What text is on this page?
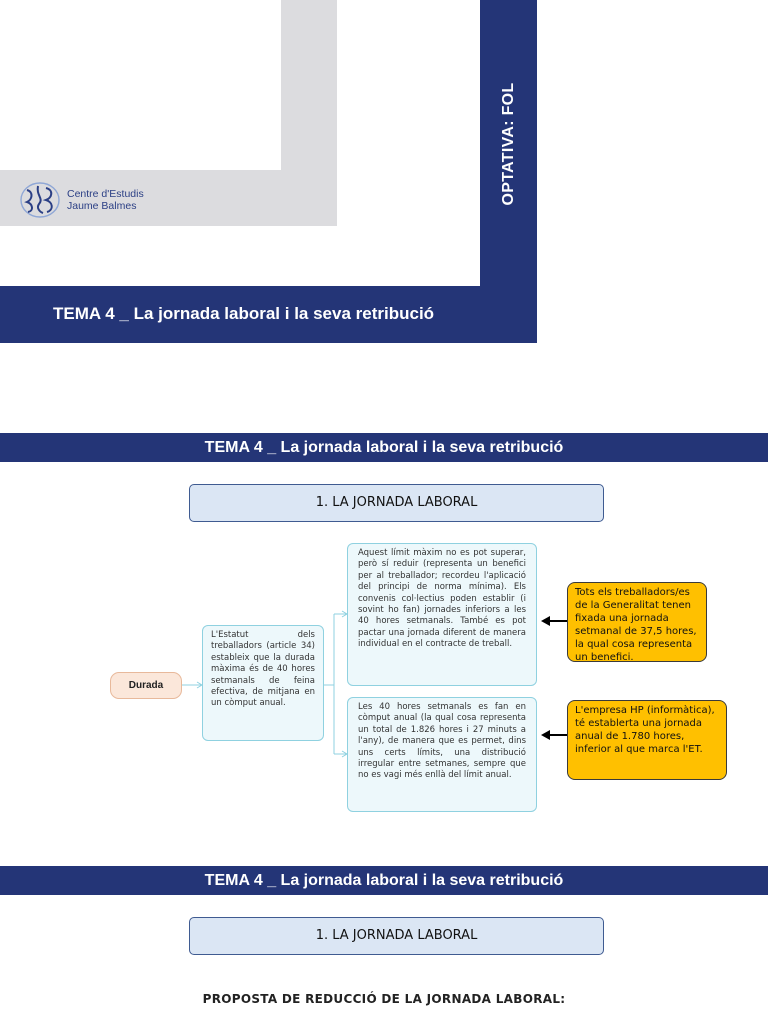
Centre d'Estudis
Jaume Balmes
OPTATIVA: FOL
TEMA 4 _ La jornada laboral i la seva retribució
TEMA 4 _ La jornada laboral i la seva retribució
1. LA JORNADA LABORAL
Durada
L'Estatut dels treballadors (article 34) estableix que la durada màxima és de 40 hores setmanals de feina efectiva, de mitjana en un còmput anual.
Aquest límit màxim no es pot superar, però sí reduir (representa un benefici per al treballador; recordeu l'aplicació del principi de norma mínima). Els convenis col·lectius poden establir (i sovint ho fan) jornades inferiors a les 40 hores setmanals. També es pot pactar una jornada diferent de manera individual en el contracte de treball.
Les 40 hores setmanals es fan en còmput anual (la qual cosa representa un total de 1.826 hores i 27 minuts a l'any), de manera que es permet, dins uns certs límits, una distribució irregular entre setmanes, sempre que no es vagi més enllà del límit anual.
Tots els treballadors/es de la Generalitat tenen fixada una jornada setmanal de 37,5 hores, la qual cosa representa un benefici.
L'empresa HP (informàtica), té establerta una jornada anual de 1.780 hores, inferior al que marca l'ET.
TEMA 4 _ La jornada laboral i la seva retribució
1. LA JORNADA LABORAL
PROPOSTA DE REDUCCIÓ DE LA JORNADA LABORAL:
